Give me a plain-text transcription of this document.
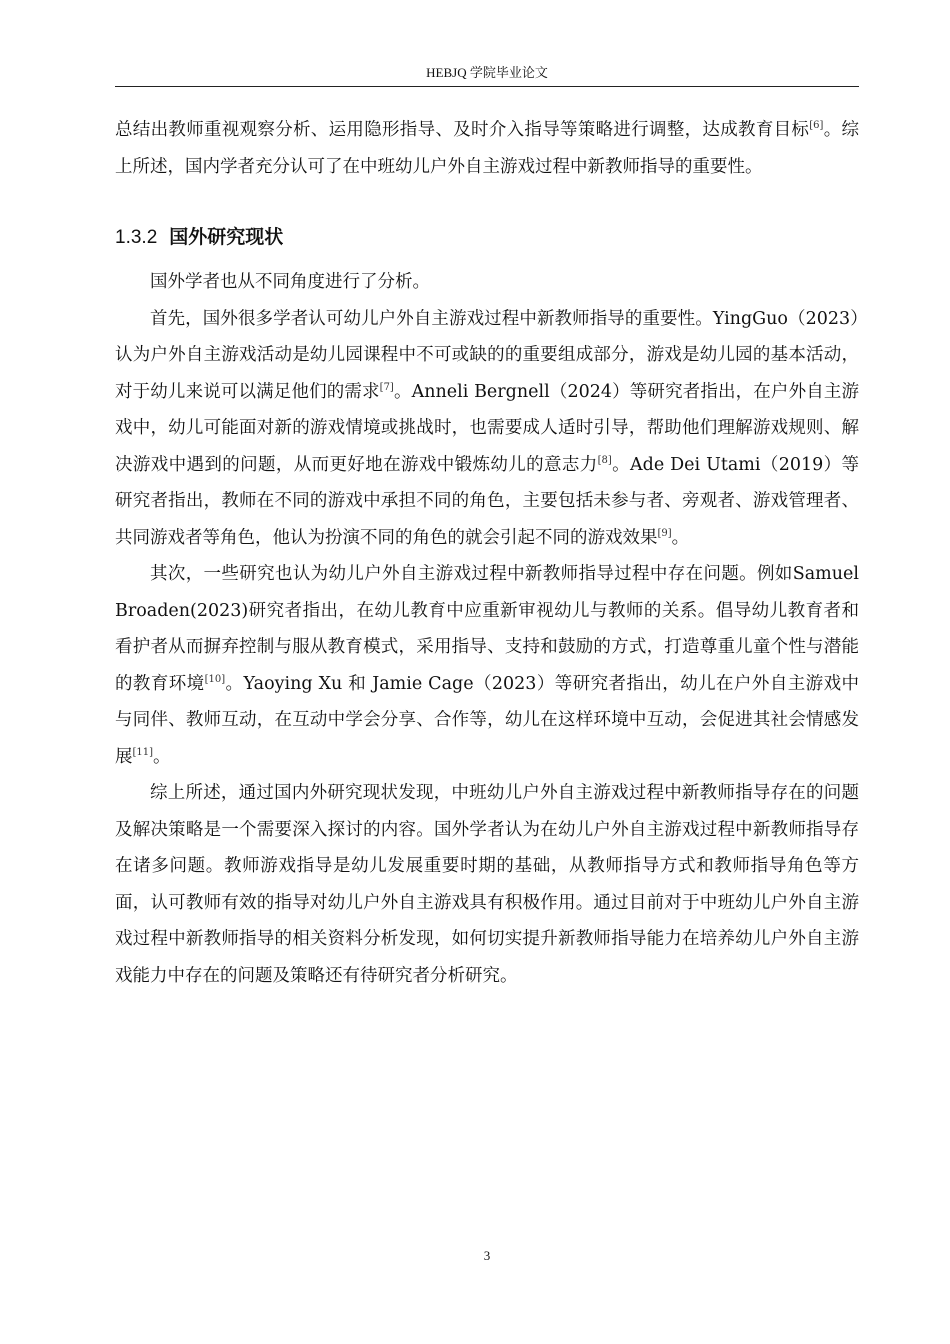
HEBJQ 学院毕业论文

总结出教师重视观察分析、运用隐形指导、及时介入指导等策略进行调整，达成教育目标[6]。综上所述，国内学者充分认可了在中班幼儿户外自主游戏过程中新教师指导的重要性。

1.3.2 国外研究现状

国外学者也从不同角度进行了分析。

首先，国外很多学者认可幼儿户外自主游戏过程中新教师指导的重要性。YingGuo（2023）认为户外自主游戏活动是幼儿园课程中不可或缺的的重要组成部分，游戏是幼儿园的基本活动，对于幼儿来说可以满足他们的需求[7]。Anneli Bergnell（2024）等研究者指出，在户外自主游戏中，幼儿可能面对新的游戏情境或挑战时，也需要成人适时引导，帮助他们理解游戏规则、解决游戏中遇到的问题，从而更好地在游戏中锻炼幼儿的意志力[8]。Ade Dei Utami（2019）等研究者指出，教师在不同的游戏中承担不同的角色，主要包括未参与者、旁观者、游戏管理者、共同游戏者等角色，他认为扮演不同的角色的就会引起不同的游戏效果[9]。

其次，一些研究也认为幼儿户外自主游戏过程中新教师指导过程中存在问题。例如Samuel Broaden(2023)研究者指出，在幼儿教育中应重新审视幼儿与教师的关系。倡导幼儿教育者和看护者从而摒弃控制与服从教育模式，采用指导、支持和鼓励的方式，打造尊重儿童个性与潜能的教育环境[10]。Yaoying Xu 和 Jamie Cage（2023）等研究者指出，幼儿在户外自主游戏中与同伴、教师互动，在互动中学会分享、合作等，幼儿在这样环境中互动，会促进其社会情感发展[11]。

综上所述，通过国内外研究现状发现，中班幼儿户外自主游戏过程中新教师指导存在的问题及解决策略是一个需要深入探讨的内容。国外学者认为在幼儿户外自主游戏过程中新教师指导存在诸多问题。教师游戏指导是幼儿发展重要时期的基础，从教师指导方式和教师指导角色等方面，认可教师有效的指导对幼儿户外自主游戏具有积极作用。通过目前对于中班幼儿户外自主游戏过程中新教师指导的相关资料分析发现，如何切实提升新教师指导能力在培养幼儿户外自主游戏能力中存在的问题及策略还有待研究者分析研究。

3
